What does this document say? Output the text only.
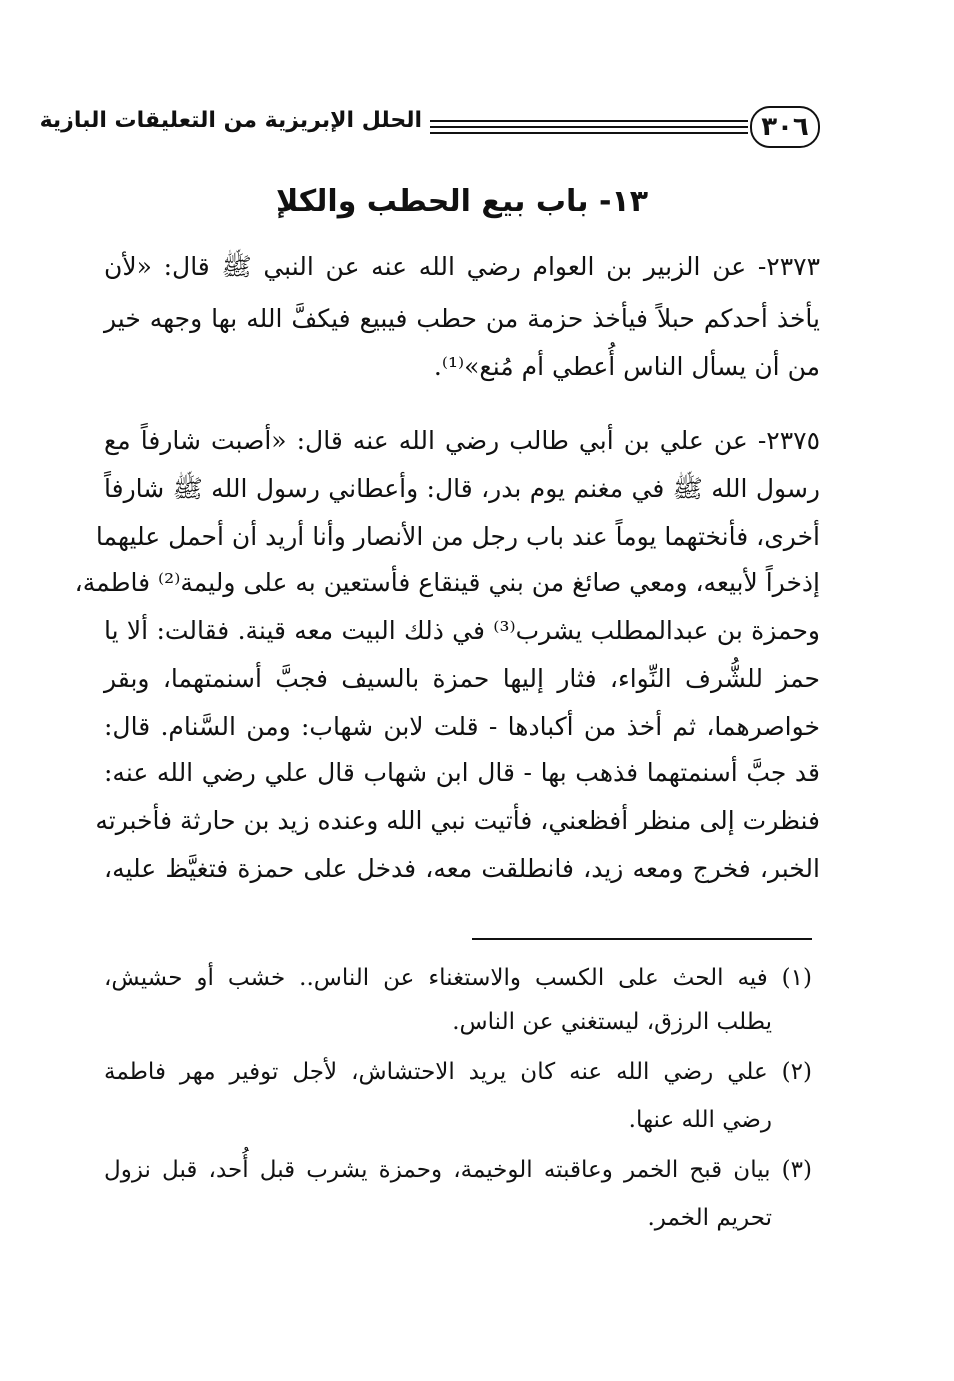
٣٠٦
الحلل الإبريزية من التعليقات البازية
١٣- باب بيع الحطب والكلإ
٢٣٧٣- عن الزبير بن العوام رضي الله عنه عن النبي ﷺ قال: «لأن
يأخذ أحدكم حبلاً فيأخذ حزمة من حطب فيبيع فيكفَّ الله بها وجهه خير
من أن يسأل الناس أُعطي أم مُنع»⁽¹⁾.
٢٣٧٥- عن علي بن أبي طالب رضي الله عنه قال: «أصبت شارفاً مع
رسول الله ﷺ في مغنم يوم بدر، قال: وأعطاني رسول الله ﷺ شارفاً
أخرى، فأنختهما يوماً عند باب رجل من الأنصار وأنا أريد أن أحمل عليهما
إذخراً لأبيعه، ومعي صائغ من بني قينقاع فأستعين به على وليمة⁽²⁾ فاطمة،
وحمزة بن عبدالمطلب يشرب⁽³⁾ في ذلك البيت معه قينة. فقالت: ألا يا
حمز للشُّرف النِّواء، فثار إليها حمزة بالسيف فجبَّ أسنمتهما، وبقر
خواصرهما، ثم أخذ من أكبادها - قلت لابن شهاب: ومن السَّنام. قال:
قد جبَّ أسنمتهما فذهب بها - قال ابن شهاب قال علي رضي الله عنه:
فنظرت إلى منظر أفظعني، فأتيت نبي الله وعنده زيد بن حارثة فأخبرته
الخبر، فخرج ومعه زيد، فانطلقت معه، فدخل على حمزة فتغيَّظ عليه،
(١) فيه الحث على الكسب والاستغناء عن الناس.. خشب أو حشيش،
يطلب الرزق، ليستغني عن الناس.
(٢) علي رضي الله عنه كان يريد الاحتشاش، لأجل توفير مهر فاطمة
رضي الله عنها.
(٣) بيان قبح الخمر وعاقبته الوخيمة، وحمزة يشرب قبل أُحد، قبل نزول
تحريم الخمر.
